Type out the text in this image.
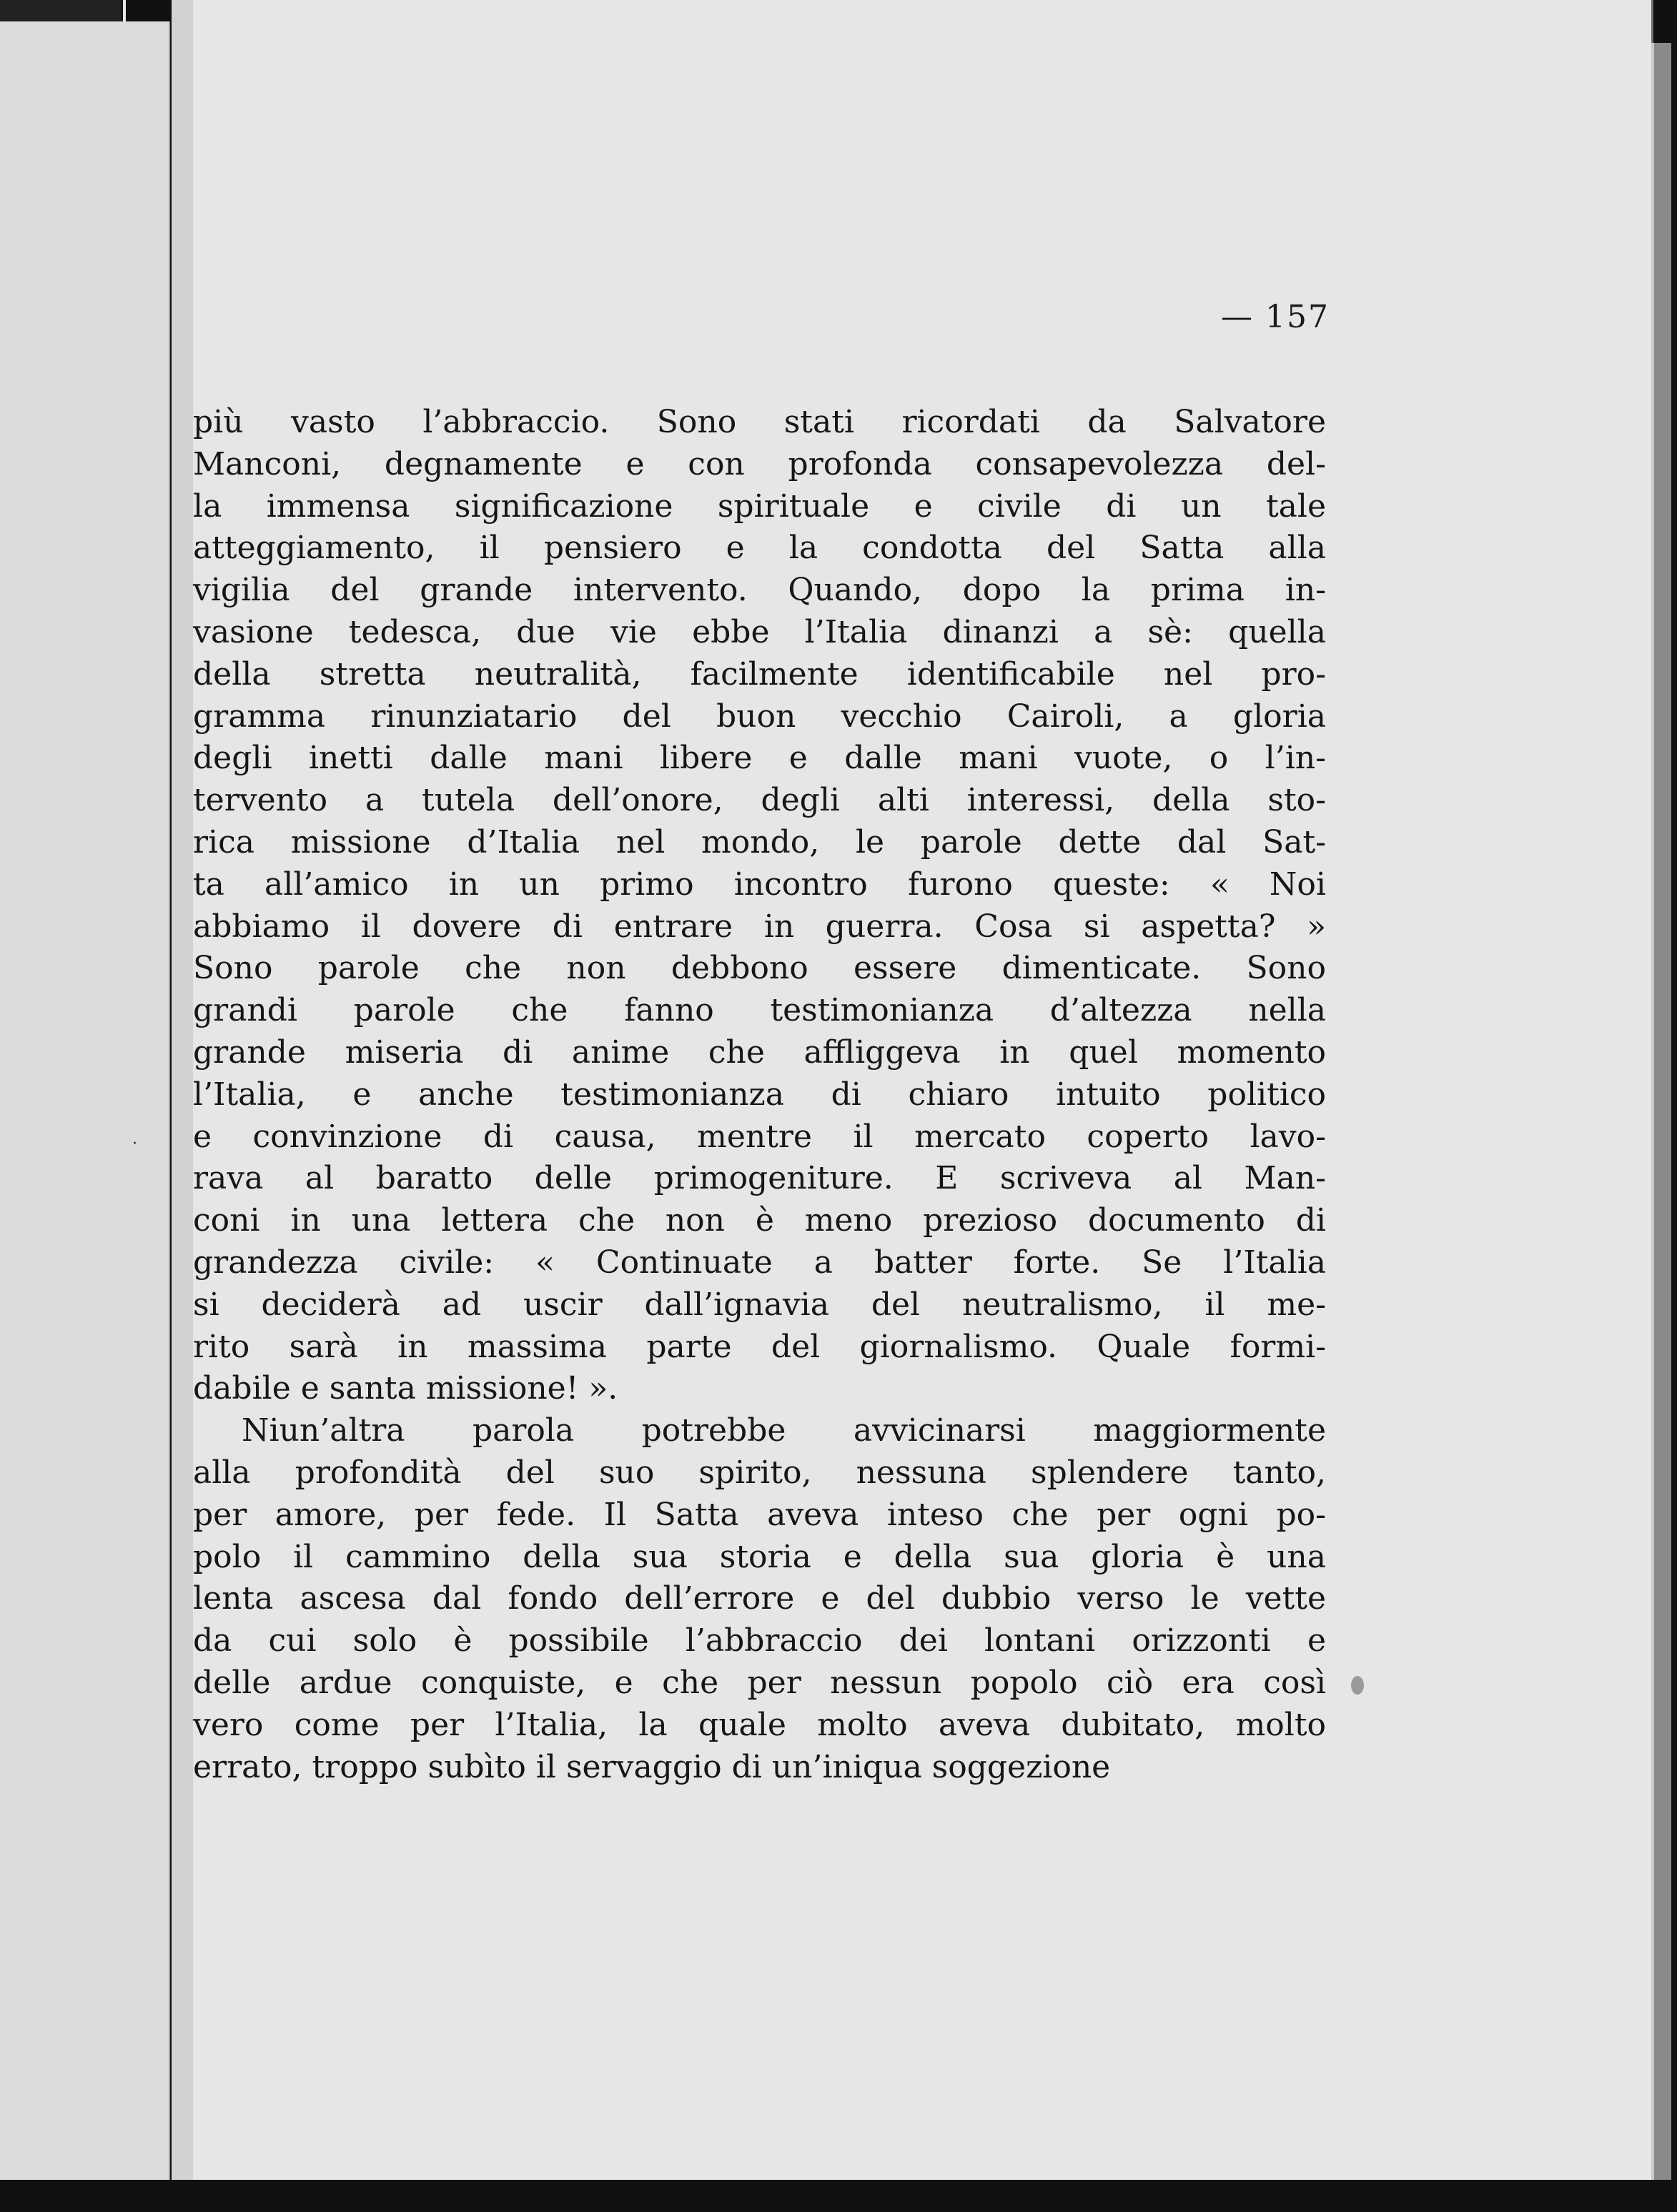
·
— 157
più vasto l’abbraccio. Sono stati ricordati da Salvatore
Manconi, degnamente e con profonda consapevolezza del-
la immensa significazione spirituale e civile di un tale
atteggiamento, il pensiero e la condotta del Satta alla
vigilia del grande intervento. Quando, dopo la prima in-
vasione tedesca, due vie ebbe l’Italia dinanzi a sè: quella
della stretta neutralità, facilmente identificabile nel pro-
gramma rinunziatario del buon vecchio Cairoli, a gloria
degli inetti dalle mani libere e dalle mani vuote, o l’in-
tervento a tutela dell’onore, degli alti interessi, della sto-
rica missione d’Italia nel mondo, le parole dette dal Sat-
ta all’amico in un primo incontro furono queste: « Noi
abbiamo il dovere di entrare in guerra. Cosa si aspetta? »
Sono parole che non debbono essere dimenticate. Sono
grandi parole che fanno testimonianza d’altezza nella
grande miseria di anime che affliggeva in quel momento
l’Italia, e anche testimonianza di chiaro intuito politico
e convinzione di causa, mentre il mercato coperto lavo-
rava al baratto delle primogeniture. E scriveva al Man-
coni in una lettera che non è meno prezioso documento di
grandezza civile: « Continuate a batter forte. Se l’Italia
si deciderà ad uscir dall’ignavia del neutralismo, il me-
rito sarà in massima parte del giornalismo. Quale formi-
dabile e santa missione! ».
Niun’altra parola potrebbe avvicinarsi maggiormente
alla profondità del suo spirito, nessuna splendere tanto,
per amore, per fede. Il Satta aveva inteso che per ogni po-
polo il cammino della sua storia e della sua gloria è una
lenta ascesa dal fondo dell’errore e del dubbio verso le vette
da cui solo è possibile l’abbraccio dei lontani orizzonti e
delle ardue conquiste, e che per nessun popolo ciò era così
vero come per l’Italia, la quale molto aveva dubitato, molto
errato, troppo subìto il servaggio di un’iniqua soggezione
